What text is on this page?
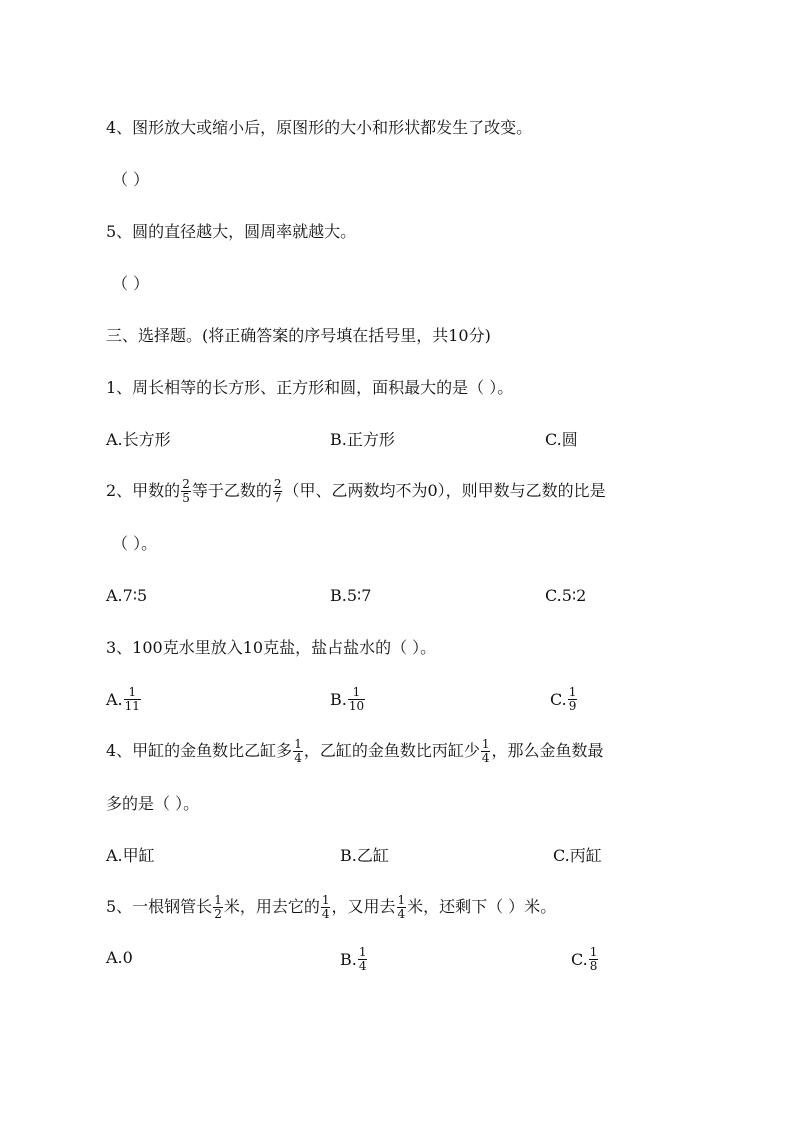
4、图形放大或缩小后，原图形的大小和形状都发生了改变。
（ ）
5、圆的直径越大，圆周率就越大。
（ ）
三、选择题。(将正确答案的序号填在括号里，共10分)
1、周长相等的长方形、正方形和圆，面积最大的是（ ）。
A.长方形	B.正方形	C.圆
2、甲数的 $\frac{2}{5}$ 等于乙数的 $\frac{2}{7}$ （甲、乙两数均不为0），则甲数与乙数的比是
（ ）。
A.7∶5	B.5∶7	C.5∶2
3、100克水里放入10克盐，盐占盐水的（ ）。
A. $\frac{1}{11}$	B. $\frac{1}{10}$	C. $\frac{1}{9}$
4、甲缸的金鱼数比乙缸多 $\frac{1}{4}$ ，乙缸的金鱼数比丙缸少 $\frac{1}{4}$ ，那么金鱼数最
多的是（ ）。
A.甲缸	B.乙缸	C.丙缸
5、一根钢管长 $\frac{1}{2}$ 米，用去它的 $\frac{1}{4}$ ，又用去 $\frac{1}{4}$ 米，还剩下（ ）米。
A.0	B. $\frac{1}{4}$	C. $\frac{1}{8}$
